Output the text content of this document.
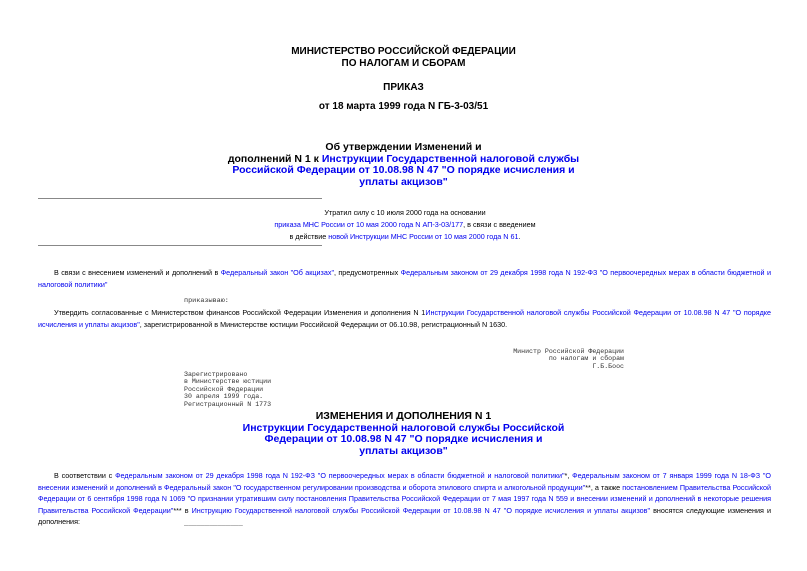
МИНИСТЕРСТВО РОССИЙСКОЙ ФЕДЕРАЦИИ
ПО НАЛОГАМ И СБОРАМ
ПРИКАЗ
от 18 марта 1999 года N ГБ-3-03/51
Об утверждении Изменений и
дополнений N 1 к Инструкции Государственной налоговой службы
Российской Федерации от 10.08.98 N 47 "О порядке исчисления и
уплаты акцизов"
Утратил силу с 10 июля 2000 года на основании
приказа МНС России от 10 мая 2000 года N АП-3-03/177, в связи с введением
в действие новой Инструкции МНС России от 10 мая 2000 года N 61.
В связи с внесением изменений и дополнений в Федеральный закон "Об акцизах", предусмотренных Федеральным законом от 29 декабря 1998 года N 192-ФЗ "О первоочередных мерах в области бюджетной и налоговой политики"
приказываю:
Утвердить согласованные с Министерством финансов Российской Федерации Изменения и дополнения N 1Инструкции Государственной налоговой службы Российской Федерации от 10.08.98 N 47 "О порядке исчисления и уплаты акцизов", зарегистрированной в Министерстве юстиции Российской Федерации от 06.10.98, регистрационный N 1630.
Министр Российской Федерации
по налогам и сборам
Г.Б.Боос
Зарегистрировано
в Министерстве юстиции
Российской Федерации
30 апреля 1999 года.
Регистрационный N 1773
ИЗМЕНЕНИЯ И ДОПОЛНЕНИЯ N 1
Инструкции Государственной налоговой службы Российской
Федерации от 10.08.98 N 47 "О порядке исчисления и
уплаты акцизов"
В соответствии с Федеральным законом от 29 декабря 1998 года N 192-ФЗ "О первоочередных мерах в области бюджетной и налоговой политики"*, Федеральным законом от 7 января 1999 года N 18-ФЗ "О внесении изменений и дополнений в Федеральный закон "О государственном регулировании производства и оборота этилового спирта и алкогольной продукции"**, а также постановлением Правительства Российской Федерации от 6 сентября 1998 года N 1069 "О признании утратившим силу постановления Правительства Российской Федерации от 7 мая 1997 года N 559 и внесении изменений и дополнений в некоторые решения Правительства Российской Федерации"*** в Инструкцию Государственной налоговой службы Российской Федерации от 10.08.98 N 47 "О порядке исчисления и уплаты акцизов" вносятся следующие изменения и дополнения:	______________
